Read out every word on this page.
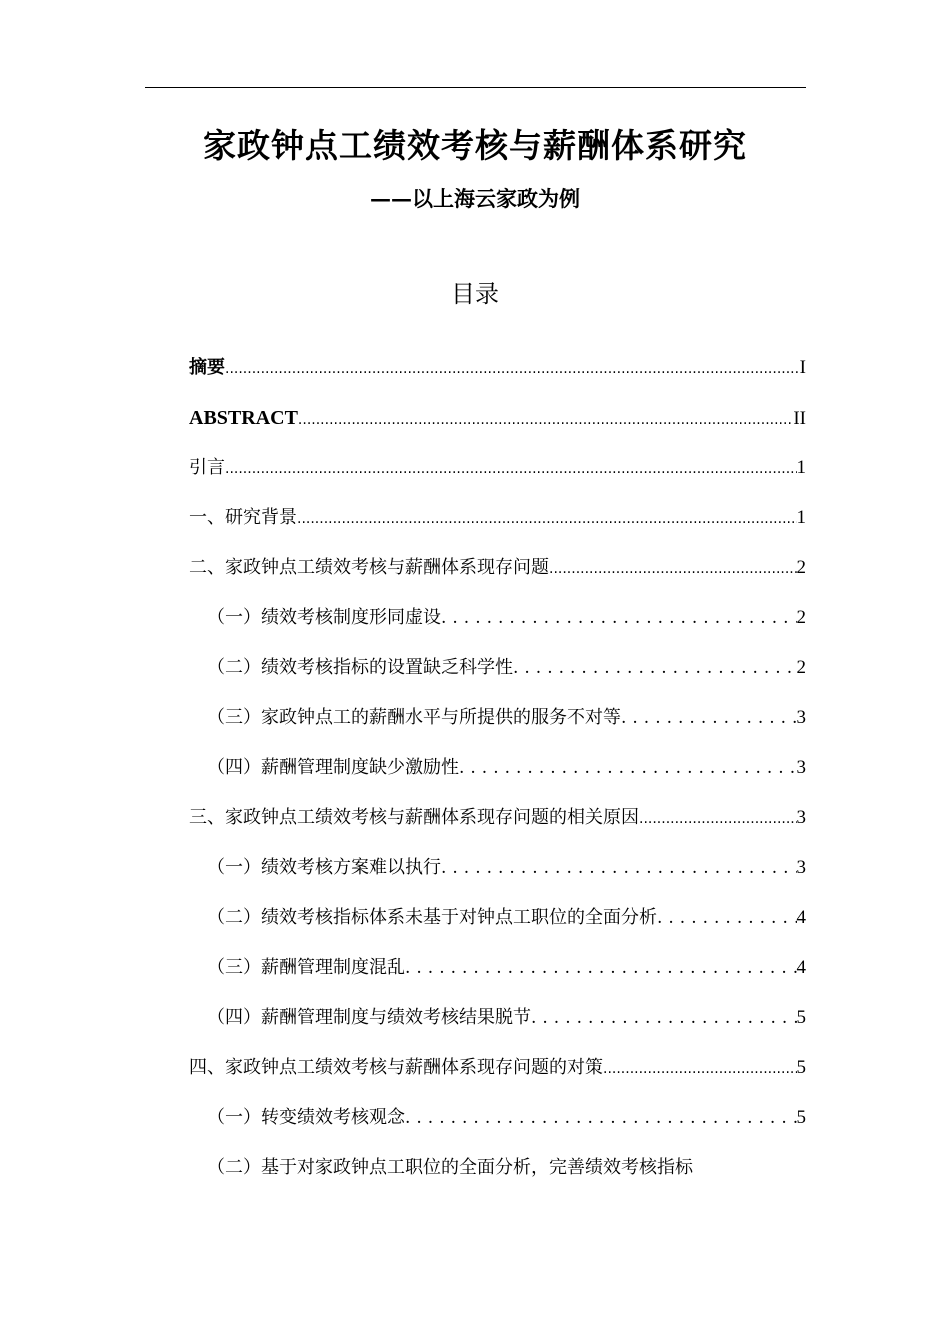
家政钟点工绩效考核与薪酬体系研究
——以上海云家政为例
目录
摘要 .....	I
ABSTRACT .....	II
引言 .....	1
一、研究背景 .....	1
二、家政钟点工绩效考核与薪酬体系现存问题 .....	2
（一）绩效考核制度形同虚设 .....	2
（二）绩效考核指标的设置缺乏科学性 .....	2
（三）家政钟点工的薪酬水平与所提供的服务不对等 .....	3
（四）薪酬管理制度缺少激励性 .....	3
三、家政钟点工绩效考核与薪酬体系现存问题的相关原因 .....	3
（一）绩效考核方案难以执行 .....	3
（二）绩效考核指标体系未基于对钟点工职位的全面分析 .....	4
（三）薪酬管理制度混乱 .....	4
（四）薪酬管理制度与绩效考核结果脱节 .....	5
四、家政钟点工绩效考核与薪酬体系现存问题的对策 .....	5
（一）转变绩效考核观念 .....	5
（二）基于对家政钟点工职位的全面分析，完善绩效考核指标
